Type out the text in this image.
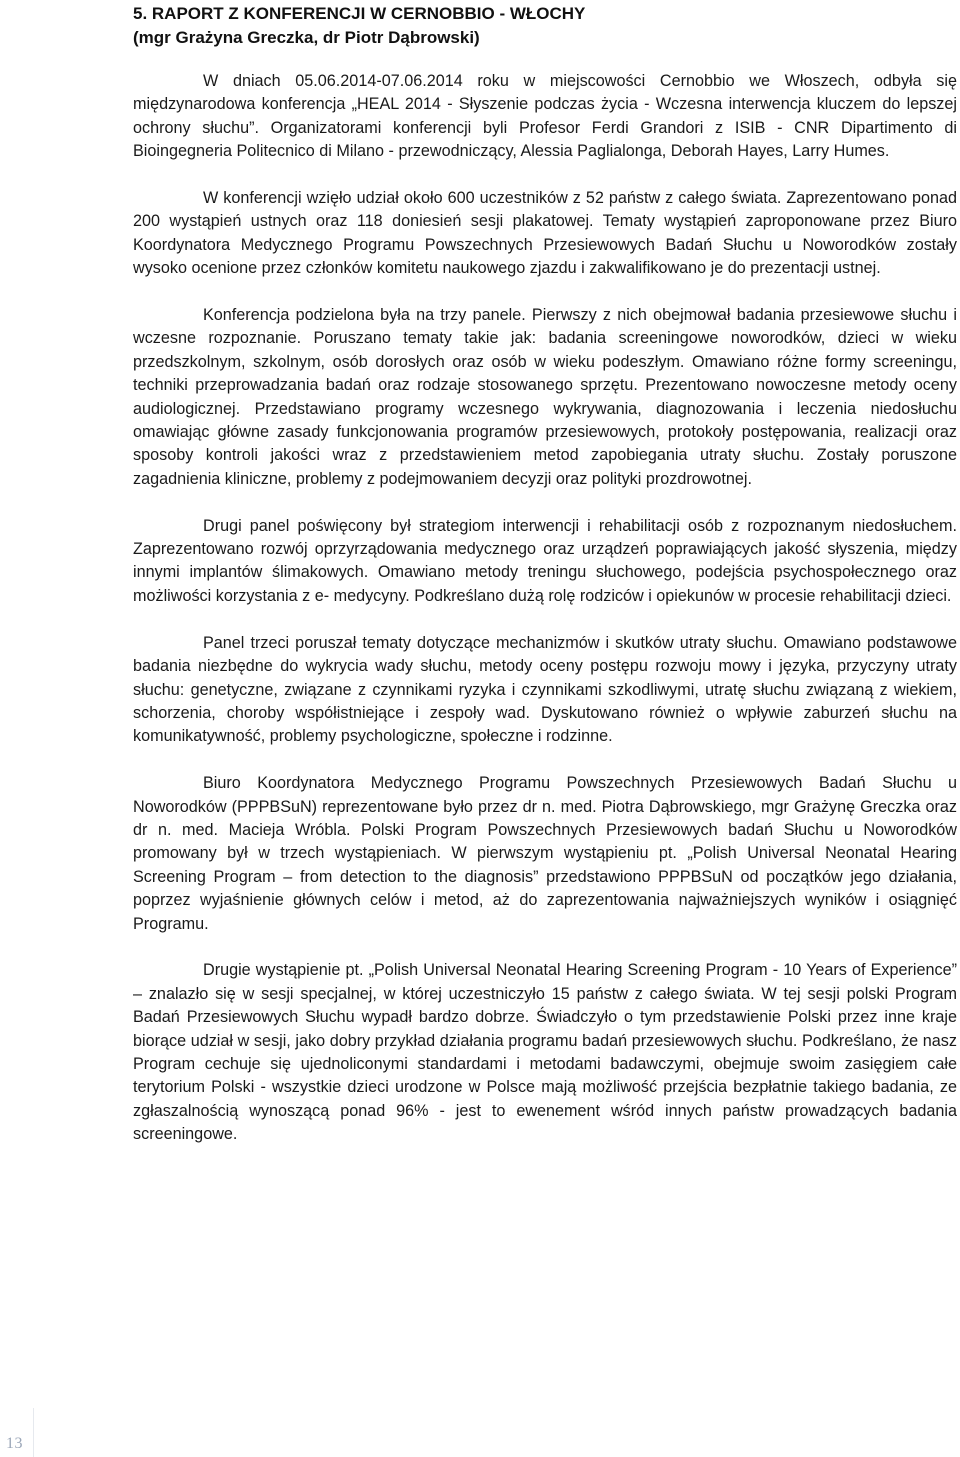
5. RAPORT Z KONFERENCJI W CERNOBBIO - WŁOCHY
(mgr Grażyna Greczka, dr Piotr Dąbrowski)

W dniach 05.06.2014-07.06.2014 roku w miejscowości Cernobbio we Włoszech, odbyła się międzynarodowa konferencja „HEAL 2014 - Słyszenie podczas życia - Wczesna interwencja kluczem do lepszej ochrony słuchu”. Organizatorami konferencji byli Profesor Ferdi Grandori z ISIB - CNR Dipartimento di Bioingegneria Politecnico di Milano - przewodniczący, Alessia Paglialonga, Deborah Hayes, Larry Humes.

W konferencji wzięło udział około 600 uczestników z 52 państw z całego świata. Zaprezentowano ponad 200 wystąpień ustnych oraz 118 doniesień sesji plakatowej. Tematy wystąpień zaproponowane przez Biuro Koordynatora Medycznego Programu Powszechnych Przesiewowych Badań Słuchu u Noworodków zostały wysoko ocenione przez członków komitetu naukowego zjazdu i zakwalifikowano je do prezentacji ustnej.

Konferencja podzielona była na trzy panele. Pierwszy z nich obejmował badania przesiewowe słuchu i wczesne rozpoznanie. Poruszano tematy takie jak: badania screeningowe noworodków, dzieci w wieku przedszkolnym, szkolnym, osób dorosłych oraz osób w wieku podeszłym. Omawiano różne formy screeningu, techniki przeprowadzania badań oraz rodzaje stosowanego sprzętu. Prezentowano nowoczesne metody oceny audiologicznej. Przedstawiano programy wczesnego wykrywania, diagnozowania i leczenia niedosłuchu omawiając główne zasady funkcjonowania programów przesiewowych, protokoły postępowania, realizacji oraz sposoby kontroli jakości wraz z przedstawieniem metod zapobiegania utraty słuchu. Zostały poruszone zagadnienia kliniczne, problemy z podejmowaniem decyzji oraz polityki prozdrowotnej.

Drugi panel poświęcony był strategiom interwencji i rehabilitacji osób z rozpoznanym niedosłuchem. Zaprezentowano rozwój oprzyrządowania medycznego oraz urządzeń poprawiających jakość słyszenia, między innymi implantów ślimakowych. Omawiano metody treningu słuchowego, podejścia psychospołecznego oraz możliwości korzystania z e- medycyny. Podkreślano dużą rolę rodziców i opiekunów w procesie rehabilitacji dzieci.

Panel trzeci poruszał tematy dotyczące mechanizmów i skutków utraty słuchu. Omawiano podstawowe badania niezbędne do wykrycia wady słuchu, metody oceny postępu rozwoju mowy i języka, przyczyny utraty słuchu: genetyczne, związane z czynnikami ryzyka i czynnikami szkodliwymi, utratę słuchu związaną z wiekiem, schorzenia, choroby współistniejące i zespoły wad. Dyskutowano również o wpływie zaburzeń słuchu na komunikatywność, problemy psychologiczne, społeczne i rodzinne.

Biuro Koordynatora Medycznego Programu Powszechnych Przesiewowych Badań Słuchu u Noworodków (PPPBSuN) reprezentowane było przez dr n. med. Piotra Dąbrowskiego, mgr Grażynę Greczka oraz dr n. med. Macieja Wróbla. Polski Program Powszechnych Przesiewowych badań Słuchu u Noworodków promowany był w trzech wystąpieniach. W pierwszym wystąpieniu pt. „Polish Universal Neonatal Hearing Screening Program – from detection to the diagnosis” przedstawiono PPPBSuN od początków jego działania, poprzez wyjaśnienie głównych celów i metod, aż do zaprezentowania najważniejszych wyników i osiągnięć Programu.

Drugie wystąpienie pt. „Polish Universal Neonatal Hearing Screening Program - 10 Years of Experience” – znalazło się w sesji specjalnej, w której uczestniczyło 15 państw z całego świata. W tej sesji polski Program Badań Przesiewowych Słuchu wypadł bardzo dobrze. Świadczyło o tym przedstawienie Polski przez inne kraje biorące udział w sesji, jako dobry przykład działania programu badań przesiewowych słuchu. Podkreślano, że nasz Program cechuje się ujednoliconymi standardami i metodami badawczymi, obejmuje swoim zasięgiem całe terytorium Polski - wszystkie dzieci urodzone w Polsce mają możliwość przejścia bezpłatnie takiego badania, ze zgłaszalnością wynoszącą ponad 96% - jest to ewenement wśród innych państw prowadzących badania screeningowe.

13
